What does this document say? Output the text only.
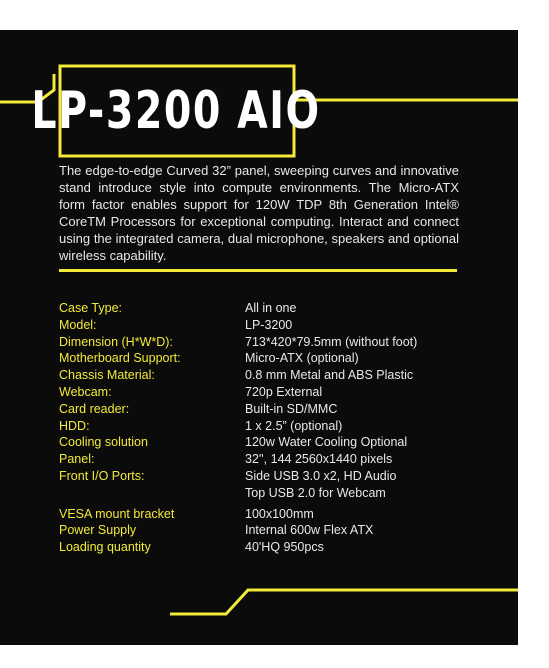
LP-3200 AIO
The edge-to-edge Curved 32” panel, sweeping curves and innovative stand introduce style into compute environments. The Micro-ATX form factor enables support for 120W TDP 8th Generation Intel® CoreTM Processors for exceptional computing. Interact and connect using the integrated camera, dual microphone, speakers and optional wireless capability.
Case Type:	All in one
Model:	LP-3200
Dimension (H*W*D):	713*420*79.5mm (without foot)
Motherboard Support:	Micro-ATX (optional)
Chassis Material:	0.8 mm Metal and ABS Plastic
Webcam:	720p External
Card reader:	Built-in SD/MMC
HDD:	1 x 2.5” (optional)
Cooling solution	120w Water Cooling Optional
Panel:	32'', 144 2560x1440 pixels
Front I/O Ports:	Side USB 3.0 x2, HD Audio
Top USB 2.0 for Webcam
VESA mount bracket	100x100mm
Power Supply	Internal 600w Flex ATX
Loading quantity	40'HQ 950pcs
